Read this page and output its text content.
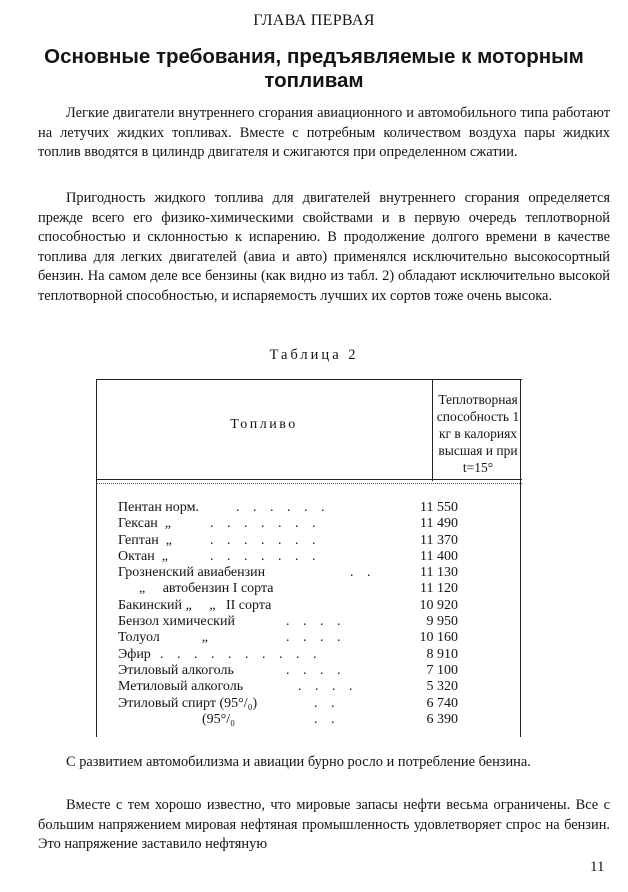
ГЛАВА ПЕРВАЯ
Основные требования, предъявляемые к моторным топливам

Легкие двигатели внутреннего сгорания авиационного и автомобильного типа работают на летучих жидких топливах. Вместе с потребным количеством воздуха пары жидких топлив вводятся в цилиндр двигателя и сжигаются при определенном сжатии.

Пригодность жидкого топлива для двигателей внутреннего сгорания определяется прежде всего его физико-химическими свойствами и в первую очередь теплотворной способностью и склонностью к испарению. В продолжение долгого времени в качестве топлива для легких двигателей (авиа и авто) применялся исключительно высокосортный бензин. На самом деле все бензины (как видно из табл. 2) обладают исключительно высокой теплотворной способностью, и испаряемость лучших их сортов тоже очень высока.

Таблица 2
Топливо
Теплотворная способность 1 кг в калориях высшая и при t=15°
Пентан норм.	. . . . . .	11 550
Гексан  „	. . . . . . .	11 490
Гептан  „	. . . . . . .	11 370
Октан  „	. . . . . . .	11 400
Грозненский авиабензин	. .	11 130
„     автобензин I сорта	11 120
Бакинский „     „   II сорта	10 920
Бензол химический	. . . .	9 950
Толуол            „	. . . .	10 160
Эфир . . . . . . . . . .	8 910
Этиловый алкоголь	. . . .	7 100
Метиловый алкоголь	. . . .	5 320
Этиловый спирт (95°/₀)	. .	6 740
(95°/₀	. .	6 390

С развитием автомобилизма и авиации бурно росло и потребление бензина.

Вместе с тем хорошо известно, что мировые запасы нефти весьма ограничены. Все с большим напряжением мировая нефтяная промышленность удовлетворяет спрос на бензин. Это напряжение заставило нефтяную

11
